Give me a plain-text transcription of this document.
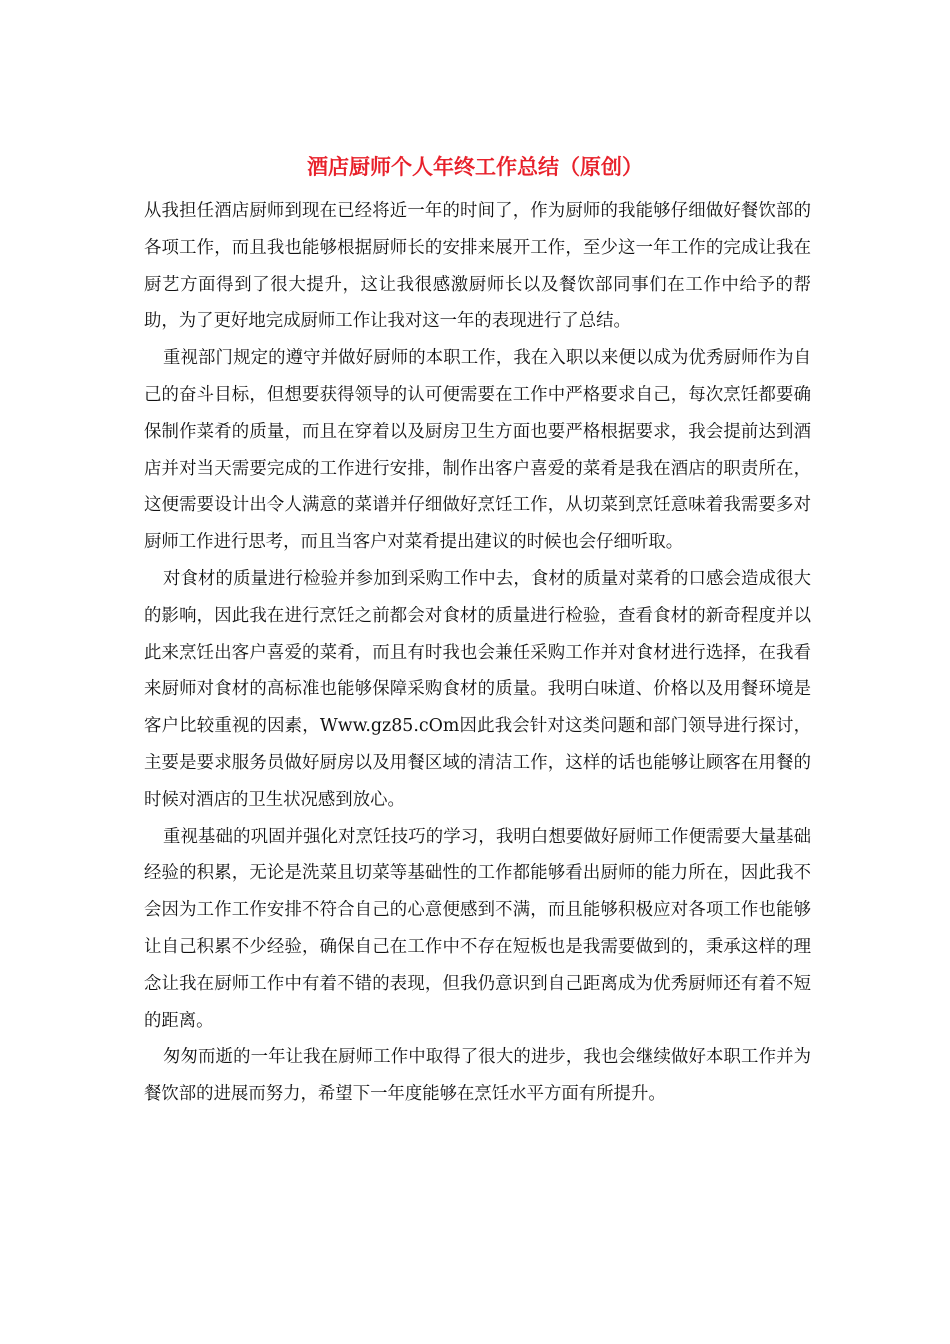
酒店厨师个人年终工作总结（原创）

从我担任酒店厨师到现在已经将近一年的时间了，作为厨师的我能够仔细做好餐饮部的各项工作，而且我也能够根据厨师长的安排来展开工作，至少这一年工作的完成让我在厨艺方面得到了很大提升，这让我很感激厨师长以及餐饮部同事们在工作中给予的帮助，为了更好地完成厨师工作让我对这一年的表现进行了总结。

重视部门规定的遵守并做好厨师的本职工作，我在入职以来便以成为优秀厨师作为自己的奋斗目标，但想要获得领导的认可便需要在工作中严格要求自己，每次烹饪都要确保制作菜肴的质量，而且在穿着以及厨房卫生方面也要严格根据要求，我会提前达到酒店并对当天需要完成的工作进行安排，制作出客户喜爱的菜肴是我在酒店的职责所在，这便需要设计出令人满意的菜谱并仔细做好烹饪工作，从切菜到烹饪意味着我需要多对厨师工作进行思考，而且当客户对菜肴提出建议的时候也会仔细听取。

对食材的质量进行检验并参加到采购工作中去，食材的质量对菜肴的口感会造成很大的影响，因此我在进行烹饪之前都会对食材的质量进行检验，查看食材的新奇程度并以此来烹饪出客户喜爱的菜肴，而且有时我也会兼任采购工作并对食材进行选择，在我看来厨师对食材的高标准也能够保障采购食材的质量。我明白味道、价格以及用餐环境是客户比较重视的因素，Www.gz85.cOm因此我会针对这类问题和部门领导进行探讨，主要是要求服务员做好厨房以及用餐区域的清洁工作，这样的话也能够让顾客在用餐的时候对酒店的卫生状况感到放心。

重视基础的巩固并强化对烹饪技巧的学习，我明白想要做好厨师工作便需要大量基础经验的积累，无论是洗菜且切菜等基础性的工作都能够看出厨师的能力所在，因此我不会因为工作工作安排不符合自己的心意便感到不满，而且能够积极应对各项工作也能够让自己积累不少经验，确保自己在工作中不存在短板也是我需要做到的，秉承这样的理念让我在厨师工作中有着不错的表现，但我仍意识到自己距离成为优秀厨师还有着不短的距离。

匆匆而逝的一年让我在厨师工作中取得了很大的进步，我也会继续做好本职工作并为餐饮部的进展而努力，希望下一年度能够在烹饪水平方面有所提升。
